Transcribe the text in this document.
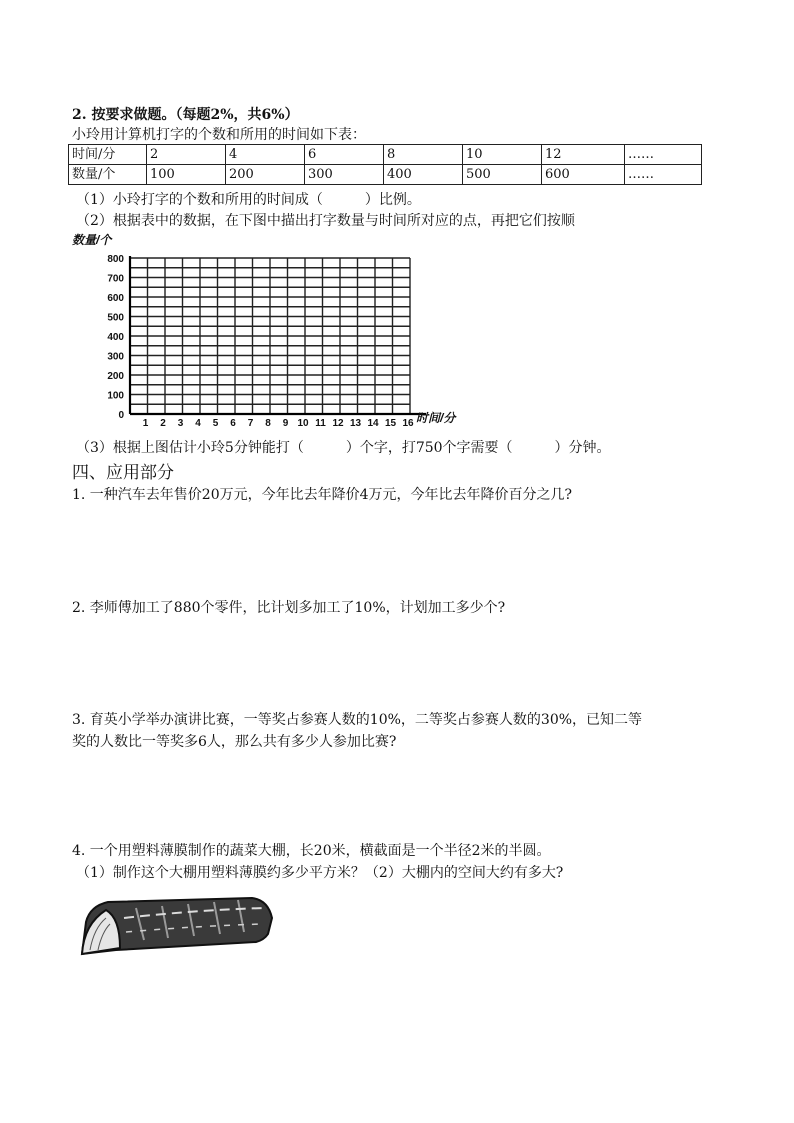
2. 按要求做题。（每题2%，共6%）
小玲用计算机打字的个数和所用的时间如下表：
时间/分	2	4	6	8	10	12	……
数量/个	100	200	300	400	500	600	……
（1）小玲打字的个数和所用的时间成（　　　）比例。
（2）根据表中的数据，在下图中描出打字数量与时间所对应的点，再把它们按顺
0
100
200
300
400
500
600
700
800
1 2 3 4 5 6 7 8 9 10 11 12 13 14 15 16
数量/个
时间/分
（3）根据上图估计小玲5分钟能打（　　　）个字，打750个字需要（　　　）分钟。
四、应用部分
1. 一种汽车去年售价20万元，今年比去年降价4万元，今年比去年降价百分之几?
2. 李师傅加工了880个零件，比计划多加工了10%，计划加工多少个?
3. 育英小学举办演讲比赛，一等奖占参赛人数的10%，二等奖占参赛人数的30%，已知二等
奖的人数比一等奖多6人，那么共有多少人参加比赛?
4. 一个用塑料薄膜制作的蔬菜大棚，长20米，横截面是一个半径2米的半圆。
（1）制作这个大棚用塑料薄膜约多少平方米？（2）大棚内的空间大约有多大?
